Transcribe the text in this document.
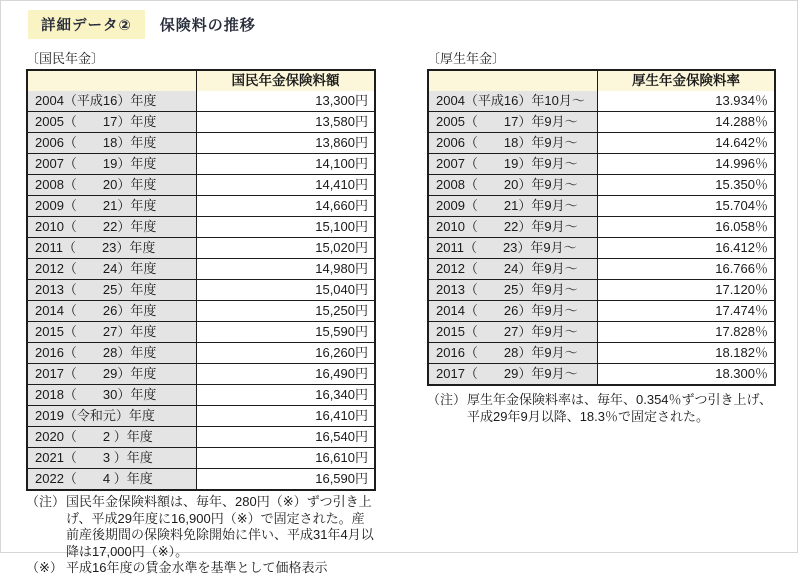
詳細データ②	保険料の推移
〔国民年金〕
国民年金保険料額
2004（平成16）年度	13,300円
2005（　　17）年度	13,580円
2006（　　18）年度	13,860円
2007（　　19）年度	14,100円
2008（　　20）年度	14,410円
2009（　　21）年度	14,660円
2010（　　22）年度	15,100円
2011（　　23）年度	15,020円
2012（　　24）年度	14,980円
2013（　　25）年度	15,040円
2014（　　26）年度	15,250円
2015（　　27）年度	15,590円
2016（　　28）年度	16,260円
2017（　　29）年度	16,490円
2018（　　30）年度	16,340円
2019（令和元）年度	16,410円
2020（　　2 ）年度	16,540円
2021（　　3 ）年度	16,610円
2022（　　4 ）年度	16,590円
（注） 国民年金保険料額は、毎年、280円（※）ずつ引き上げ、平成29年度に16,900円（※）で固定された。産前産後期間の保険料免除開始に伴い、平成31年4月以降は17,000円（※）。
（※） 平成16年度の賃金水準を基準として価格表示
〔厚生年金〕
厚生年金保険料率
2004（平成16）年10月～	13.934％
2005（　　17）年9月～	14.288％
2006（　　18）年9月～	14.642％
2007（　　19）年9月～	14.996％
2008（　　20）年9月～	15.350％
2009（　　21）年9月～	15.704％
2010（　　22）年9月～	16.058％
2011（　　23）年9月～	16.412％
2012（　　24）年9月～	16.766％
2013（　　25）年9月～	17.120％
2014（　　26）年9月～	17.474％
2015（　　27）年9月～	17.828％
2016（　　28）年9月～	18.182％
2017（　　29）年9月～	18.300％
（注） 厚生年金保険料率は、毎年、0.354％ずつ引き上げ、平成29年9月以降、18.3％で固定された。
